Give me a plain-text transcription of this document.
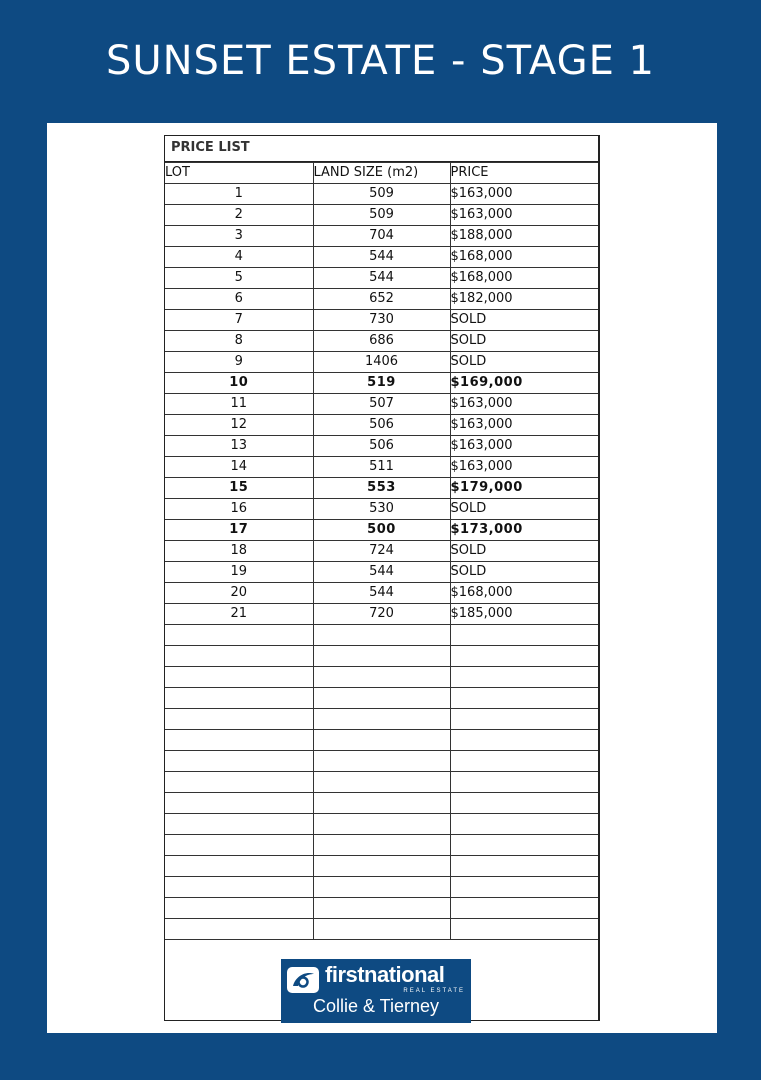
SUNSET ESTATE - STAGE 1
PRICE LIST
LOT	LAND SIZE (m2)	PRICE
1	509	$163,000
2	509	$163,000
3	704	$188,000
4	544	$168,000
5	544	$168,000
6	652	$182,000
7	730	SOLD
8	686	SOLD
9	1406	SOLD
10	519	$169,000
11	507	$163,000
12	506	$163,000
13	506	$163,000
14	511	$163,000
15	553	$179,000
16	530	SOLD
17	500	$173,000
18	724	SOLD
19	544	SOLD
20	544	$168,000
21	720	$185,000

firstnational
REAL ESTATE
Collie & Tierney
